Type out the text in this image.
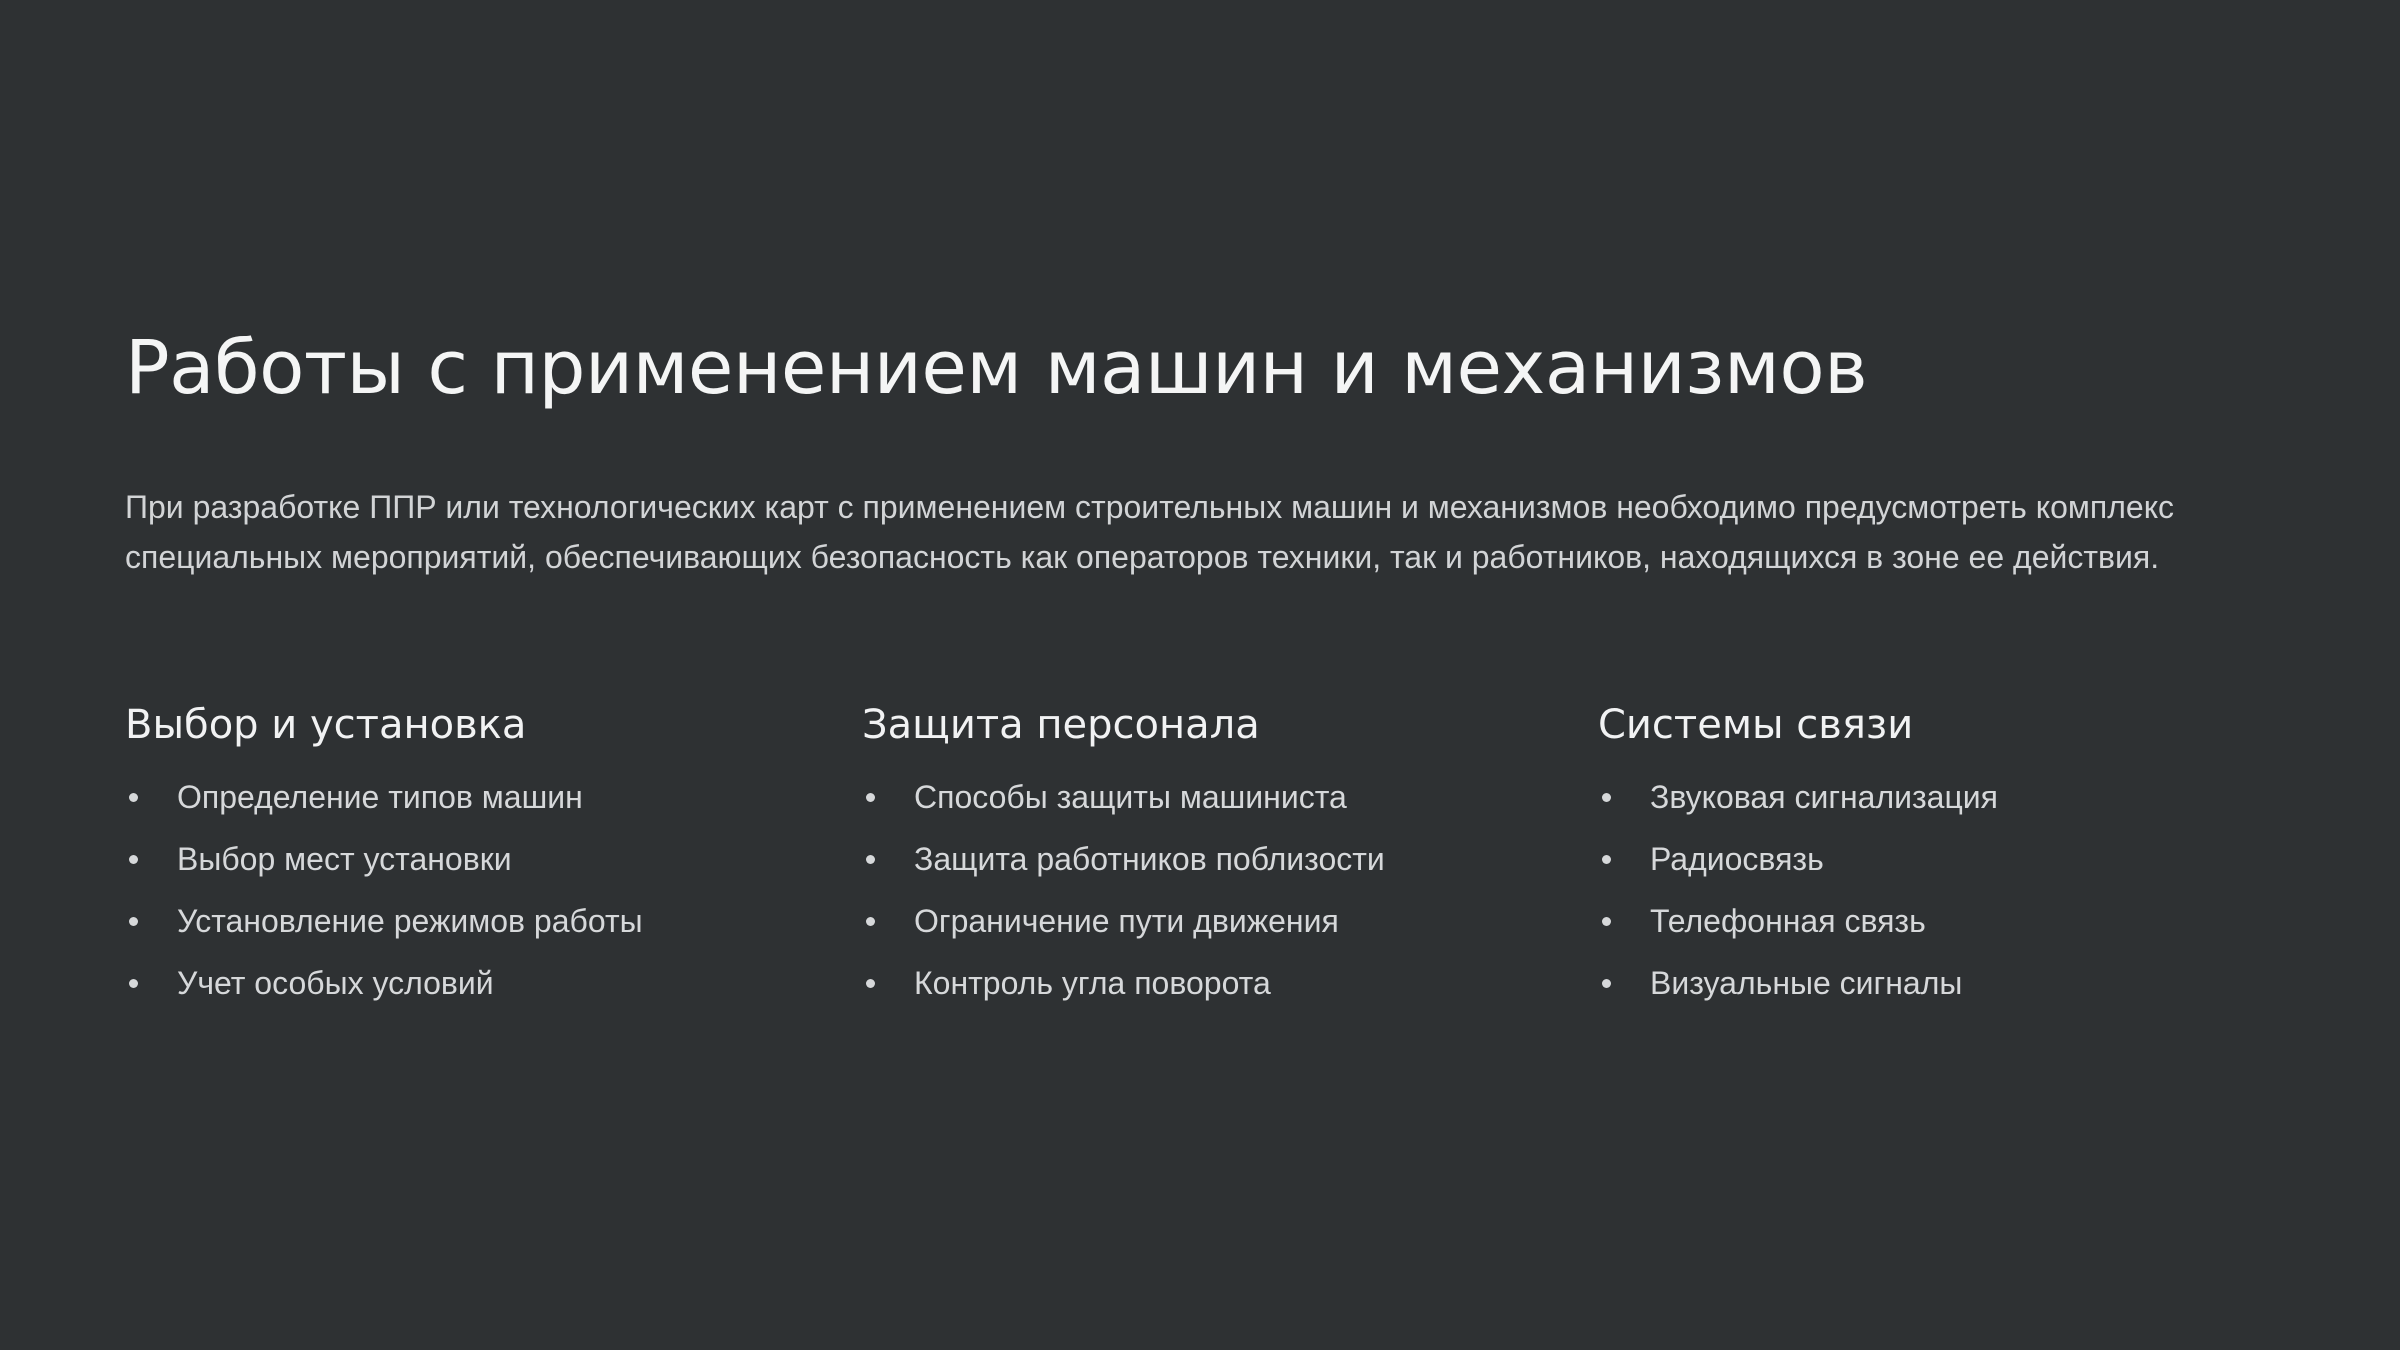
Работы с применением машин и механизмов

При разработке ППР или технологических карт с применением строительных машин и механизмов необходимо предусмотреть комплекс специальных мероприятий, обеспечивающих безопасность как операторов техники, так и работников, находящихся в зоне ее действия.

Выбор и установка
Определение типов машин
Выбор мест установки
Установление режимов работы
Учет особых условий
Защита персонала
Способы защиты машиниста
Защита работников поблизости
Ограничение пути движения
Контроль угла поворота
Системы связи
Звуковая сигнализация
Радиосвязь
Телефонная связь
Визуальные сигналы
